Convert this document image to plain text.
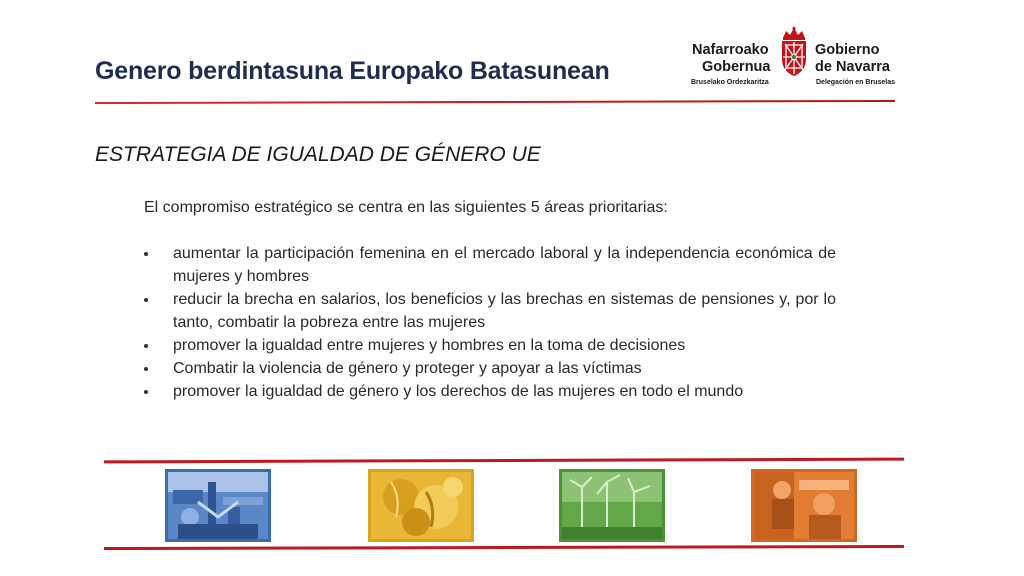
Genero berdintasuna Europako Batasunean
Nafarroako
Gobernua
Gobierno
de Navarra
Bruselako Ordezkaritza	Delegación en Bruselas
ESTRATEGIA DE IGUALDAD DE GÉNERO UE
El compromiso estratégico se centra en las siguientes 5 áreas prioritarias:
aumentar la participación femenina en el mercado laboral y la independencia económica de mujeres y hombres
reducir la brecha en salarios, los beneficios y las brechas en sistemas de pensiones y, por lo tanto, combatir la pobreza entre las mujeres
promover la igualdad entre mujeres y hombres en la toma de decisiones
Combatir la violencia de género y proteger y apoyar a las víctimas
promover la igualdad de género y los derechos de las mujeres en todo el mundo
